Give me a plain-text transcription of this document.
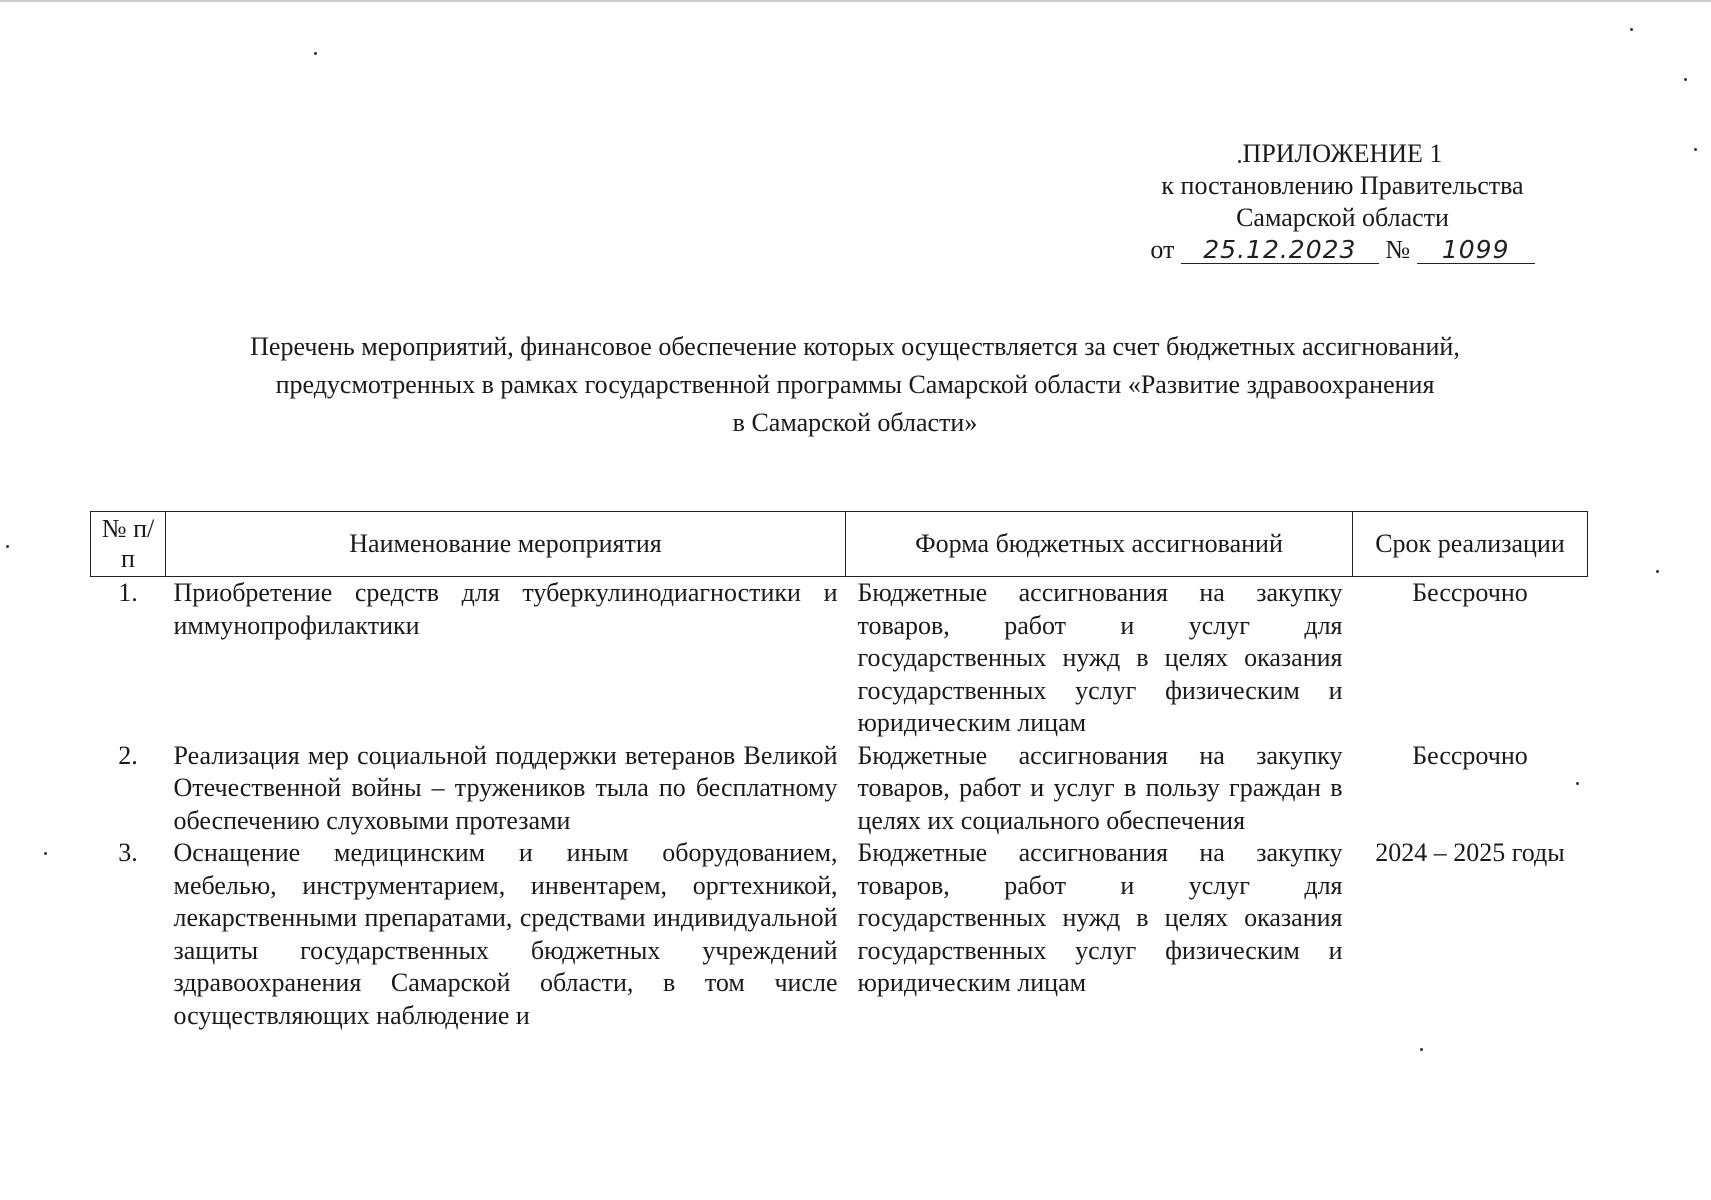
ПРИЛОЖЕНИЕ 1
к постановлению Правительства
Самарской области
от 25.12.2023 № 1099
Перечень мероприятий, финансовое обеспечение которых осуществляется за счет бюджетных ассигнований,
предусмотренных в рамках государственной программы Самарской области «Развитие здравоохранения
в Самарской области»
№ п/п	Наименование мероприятия	Форма бюджетных ассигнований	Срок реализации
1.	Приобретение средств для туберкулинодиагностики и иммунопрофилактики	Бюджетные ассигнования на закупку товаров, работ и услуг для государственных нужд в целях оказания государственных услуг физическим и юридическим лицам	Бессрочно
2.	Реализация мер социальной поддержки ветеранов Великой Отечественной войны – тружеников тыла по бесплатному обеспечению слуховыми протезами	Бюджетные ассигнования на закупку товаров, работ и услуг в пользу граждан в целях их социального обеспечения	Бессрочно
3.	Оснащение медицинским и иным оборудованием, мебелью, инструментарием, инвентарем, оргтехникой, лекарственными препаратами, средствами индивидуальной защиты государственных бюджетных учреждений здравоохранения Самарской области, в том числе осуществляющих наблюдение и	Бюджетные ассигнования на закупку товаров, работ и услуг для государственных нужд в целях оказания государственных услуг физическим и юридическим лицам	2024 – 2025 годы
